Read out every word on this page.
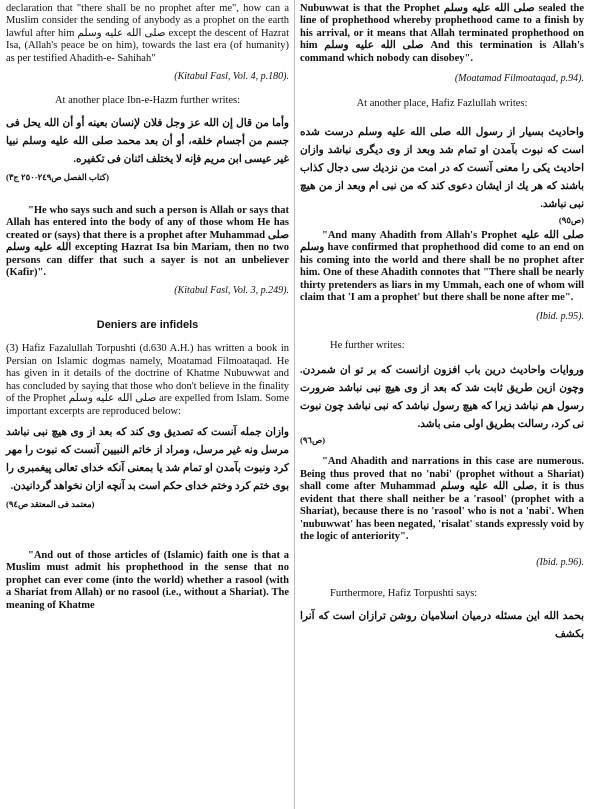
declaration that "there shall be no prophet after me", how can a Muslim consider the sending of anybody as a prophet on the earth lawful after him صلى الله عليه وسلم except the descent of Hazrat Isa, (Allah's peace be on him), towards the last era (of humanity) as per testified Ahadith-e- Sahihah"

(Kitabul Fasl, Vol. 4, p.180).

At another place Ibn-e-Hazm further writes:

وأما من قال إن الله عز وجل فلان لإنسان بعينه أو أن الله يحل فى جسم من أجسام خلقه، أو أن بعد محمد صلى الله عليه وسلم نبيا غير عيسى ابن مريم فإنه لا يختلف اثنان فى تكفيره.

(كتاب الفصل ص٢٤٩-٢٥٠ ج٣)

"He who says such and such a person is Allah or says that Allah has entered into the body of any of those whom He has created or (says) that there is a prophet after Muhammad صلى الله عليه وسلم excepting Hazrat Isa bin Mariam, then no two persons can differ that such a sayer is not an unbeliever (Kafir)".

(Kitabul Fasl, Vol. 3, p.249).

Deniers are infidels

(3) Hafiz Fazalullah Torpushti (d.630 A.H.) has written a book in Persian on Islamic dogmas namely, Moatamad Filmoataqad. He has given in it details of the doctrine of Khatme Nubuwwat and has concluded by saying that those who don't believe in the finality of the Prophet صلى الله عليه وسلم are expelled from Islam. Some important excerpts are reproduced below:

وازان جمله آنست كه تصديق وى كند كه بعد از وى هيچ نبى نباشد مرسل ونه غير مرسل، ومراد از خاتم النبيين آنست كه نبوت را مهر كرد ونبوت بآمدن او تمام شد يا بمعنى آنكه خداى تعالى پيغمبرى را بوى ختم كرد وختم خداى حكم است بد آنچه ازان نخواهد گردانيدن.

(معتمد فى المعتقد ص٩٤)

"And out of those articles of (Islamic) faith one is that a Muslim must admit his prophethood in the sense that no prophet can ever come (into the world) whether a rasool (with a Shariat from Allah) or no rasool (i.e., without a Shariat). The meaning of Khatme

Nubuwwat is that the Prophet صلى الله عليه وسلم sealed the line of prophethood whereby prophethood came to a finish by his arrival, or it means that Allah terminated prophethood on him صلى الله عليه وسلم And this termination is Allah's command which nobody can disobey".

(Moatamad Filmoataqad, p.94).

At another place, Hafiz Fazlullah writes:

واحاديث بسيار از رسول الله صلى الله عليه وسلم درست شده است كه نبوت بآمدن او تمام شد وبعد از وى ديگرى نباشد وازان احاديث يكى را معنى آنست كه در امت من نزديك سى دجال كذاب باشند كه هر يك از ايشان دعوى كند كه من نبى ام وبعد از من هيچ نبى نباشد.

(ص٩٥)

"And many Ahadith from Allah's Prophet صلى الله عليه وسلم have confirmed that prophethood did come to an end on his coming into the world and there shall be no prophet after him. One of these Ahadith connotes that "There shall be nearly thirty pretenders as liars in my Ummah, each one of whom will claim that 'I am a prophet' but there shall be none after me".

(Ibid. p.95).

He further writes:

وروايات واحاديث درين باب افزون ازانست كه بر تو ان شمردن. وچون ازين طريق ثابت شد كه بعد از وى هيچ نبى نباشد ضرورت رسول هم نباشد زيرا كه هيچ رسول نباشد كه نبى نباشد چون نبوت نى كرد، رسالت بطريق اولى منى باشد.

(ص٩٦)

"And Ahadith and narrations in this case are numerous. Being thus proved that no 'nabi' (prophet without a Shariat) shall come after Muhammad صلى الله عليه وسلم, it is thus evident that there shall neither be a 'rasool' (prophet with a Shariat), because there is no 'rasool' who is not a 'nabi'. When 'nubuwwat' has been negated, 'risalat' stands expressly void by the logic of anteriority".

(Ibid. p.96).

Furthermore, Hafiz Torpushti says:

بحمد الله اين مسئله درميان اسلاميان روشن ترازان است كه آنرا بكشف
